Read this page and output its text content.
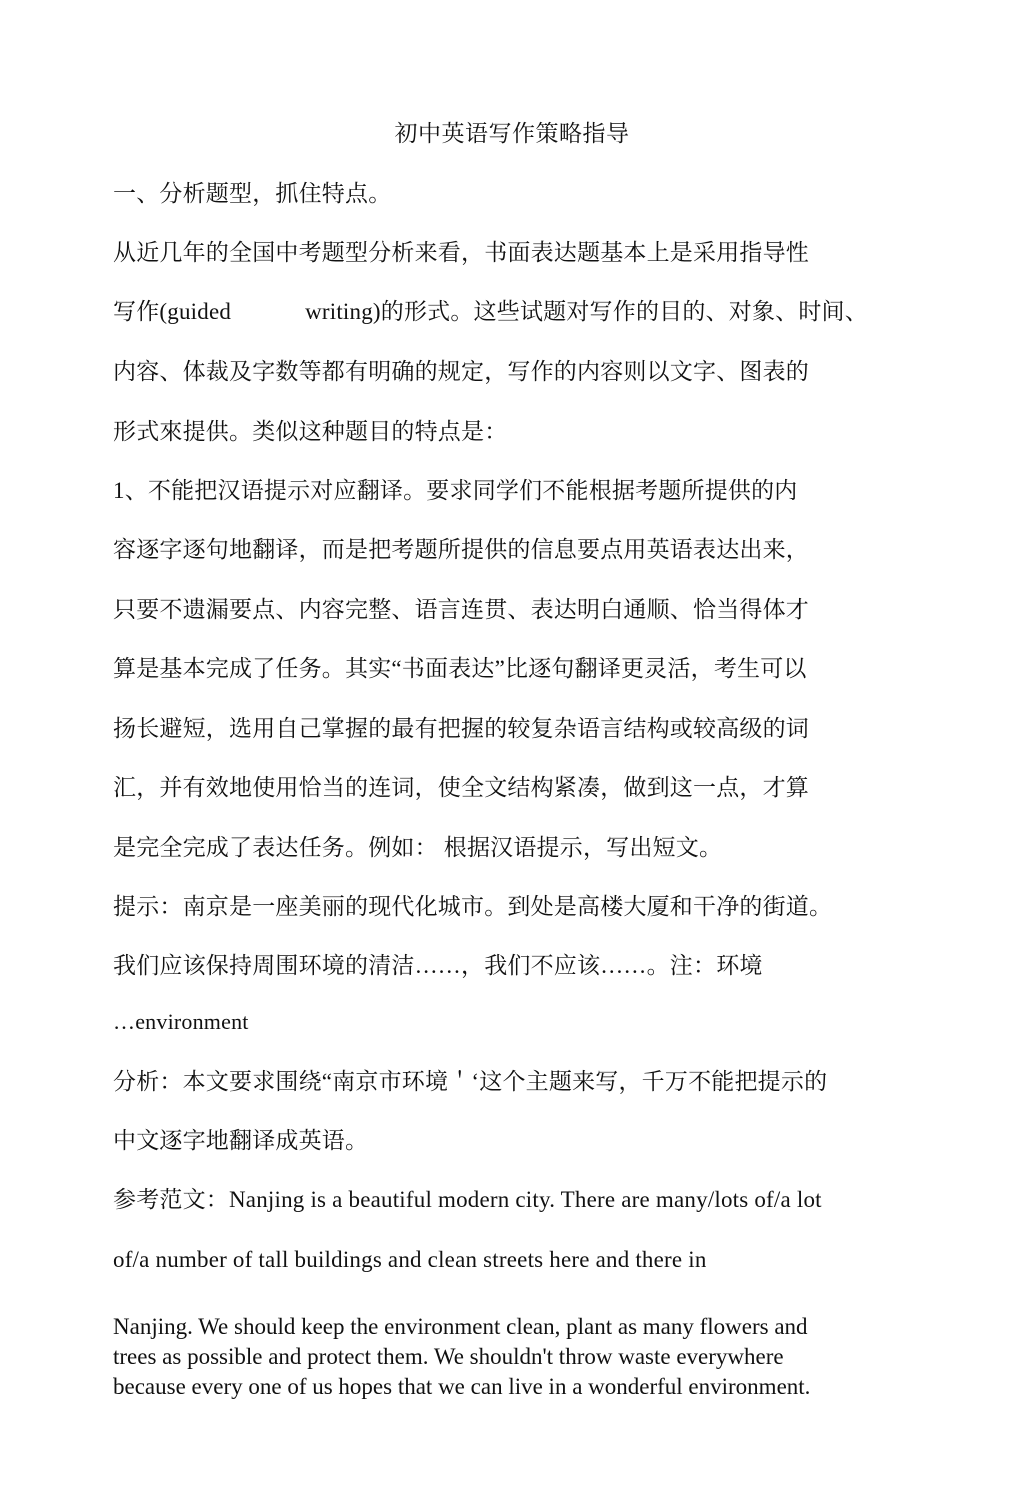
初中英语写作策略指导
一、分析题型，抓住特点。
从近几年的全国中考题型分析来看，书面表达题基本上是采用指导性
写作(guided	writing)的形式。这些试题对写作的目的、对象、时间、
内容、体裁及字数等都有明确的规定，写作的内容则以文字、图表的
形式來提供。类似这种题目的特点是：
1、不能把汉语提示对应翻译。要求同学们不能根据考题所提供的内
容逐字逐句地翻译，而是把考题所提供的信息要点用英语表达出来，
只要不遗漏要点、内容完整、语言连贯、表达明白通顺、恰当得体才
算是基本完成了任务。其实“书面表达”比逐句翻译更灵活，考生可以
扬长避短，选用自己掌握的最有把握的较复杂语言结构或较高级的词
汇，并有效地使用恰当的连词，使全文结构紧凑，做到这一点，才算
是完全完成了表达任务。例如： 根据汉语提示，写出短文。
提示：南京是一座美丽的现代化城市。到处是高楼大厦和干净的街道。
我们应该保持周围环境的清洁……，我们不应该……。注：环境
…environment
分析：本文要求围绕“南京市环境＇‘这个主题来写，千万不能把提示的
中文逐字地翻译成英语。
参考范文：Nanjing is a beautiful modern city. There are many/lots of/a lot
of/a number of tall buildings and clean streets here and there in
Nanjing. We should keep the environment clean, plant as many flowers and
trees as possible and protect them. We shouldn't throw waste everywhere
because every one of us hopes that we can live in a wonderful environment.
